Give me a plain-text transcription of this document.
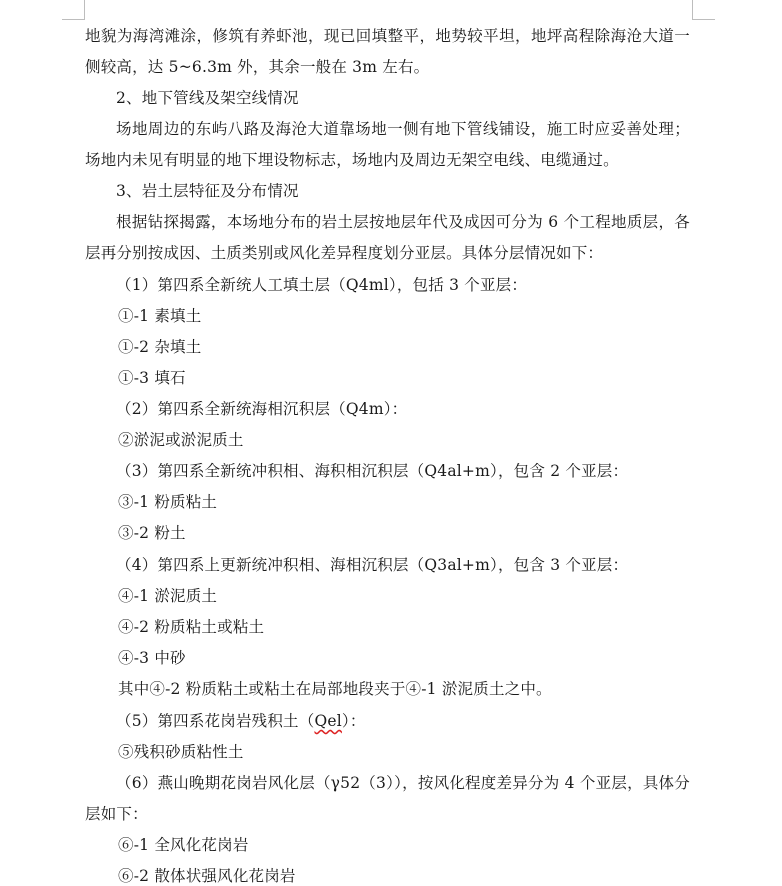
地貌为海湾滩涂，修筑有养虾池，现已回填整平，地势较平坦，地坪高程除海沧大道一
侧较高，达 5~6.3m 外，其余一般在 3m 左右。
2、地下管线及架空线情况
场地周边的东屿八路及海沧大道靠场地一侧有地下管线铺设，施工时应妥善处理；
场地内未见有明显的地下埋设物标志，场地内及周边无架空电线、电缆通过。
3、岩土层特征及分布情况
根据钻探揭露，本场地分布的岩土层按地层年代及成因可分为 6 个工程地质层，各
层再分别按成因、土质类别或风化差异程度划分亚层。具体分层情况如下：
（1）第四系全新统人工填土层（Q4ml），包括 3 个亚层：
①-1 素填土
①-2 杂填土
①-3 填石
（2）第四系全新统海相沉积层（Q4m）：
②淤泥或淤泥质土
（3）第四系全新统冲积相、海积相沉积层（Q4al+m），包含 2 个亚层：
③-1 粉质粘土
③-2 粉土
（4）第四系上更新统冲积相、海相沉积层（Q3al+m），包含 3 个亚层：
④-1 淤泥质土
④-2 粉质粘土或粘土
④-3 中砂
其中④-2 粉质粘土或粘土在局部地段夹于④-1 淤泥质土之中。
（5）第四系花岗岩残积土（Qel）：
⑤残积砂质粘性土
（6）燕山晚期花岗岩风化层（γ52（3）），按风化程度差异分为 4 个亚层，具体分
层如下：
⑥-1 全风化花岗岩
⑥-2 散体状强风化花岗岩
